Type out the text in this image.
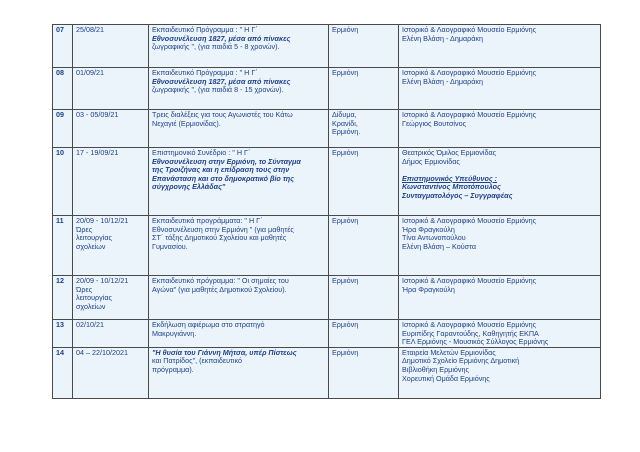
07	25/08/21	Εκπαιδευτικό Πρόγραμμα : " Η Γ΄
Εθνοσυνέλευση 1827, μέσα από πίνακες
ζωγραφικής ", (για παιδιά 5 - 8 χρονών).	Ερμιόνη	Ιστορικό & Λαογραφικό Μουσείο Ερμιόνης
Ελένη Βλάση - Δημαράκη

08	01/09/21	Εκπαιδευτικό Πρόγραμμα : " Η Γ΄
Εθνοσυνέλευση 1827, μέσα από πίνακες
ζωγραφικής ", (για παιδιά 8 - 15 χρονών).	Ερμιόνη	Ιστορικό & Λαογραφικό Μουσείο Ερμιόνης
Ελένη Βλάση - Δημαράκη

09	03 - 05/09/21	Τρεις διαλέξεις για τους Αγωνιστές του Κάτω
Νεχαγιέ (Ερμιονίδας).	Δίδυμα,
Κρανίδι,
Ερμιόνη.	Ιστορικό & Λαογραφικό Μουσείο Ερμιόνης
Γεώργιος Βουτσίνος

10	17 - 19/09/21	Επιστημονικό Συνέδριο : " Η Γ΄
Εθνοσυνέλευση στην Ερμιόνη, το Σύνταγμα
της Τροιζήνας και η επίδραση τους στην
Επανάσταση και στο δημοκρατικό βίο της
σύγχρονης Ελλάδας"	Ερμιόνη	Θεατρικός Όμιλος Ερμιονίδας
Δήμος Ερμιονίδας

Επιστημονικός Υπεύθυνος :
Κωνσταντίνος Μποτόπουλος
Συνταγματολόγος – Συγγραφέας

11	20/09 - 10/12/21
Ώρες
λειτουργίας
σχολείων	Εκπαιδευτικά προγράμματα: " Η Γ΄
Εθνοσυνέλευση στην Ερμιόνη " (για μαθητές
ΣΤ΄ τάξης Δημοτικού Σχολείου και μαθητές
Γυμνασίου.	Ερμιόνη	Ιστορικό & Λαογραφικό Μουσείο Ερμιόνης
Ήρα Φραγκούλη
Τίνα Αντωνοπούλου
Ελένη Βλάση – Κούστα

12	20/09 - 10/12/21
Ώρες
λειτουργίας
σχολείων	Εκπαιδευτικό πρόγραμμα: " Οι σημαίες του
Αγώνα" (για μαθητές Δημοτικού Σχολείου).	Ερμιόνη	Ιστορικό & Λαογραφικό Μουσείο Ερμιόνης
Ήρα Φραγκούλη

13	02/10/21	Εκδήλωση αφιέρωμα στο στρατηγό
Μακρυγιάννη.	Ερμιόνη	Ιστορικό & Λαογραφικό Μουσείο Ερμιόνης
Ευριπίδης Γαραντούδης, Καθηγητής ΕΚΠΑ
ΓΕΛ Ερμιόνης - Μουσικός Σύλλογος Ερμιόνης

14	04 – 22/10/2021	"Η θυσία του Γιάννη Μήτσα, υπέρ Πίστεως
και Πατρίδος", (εκπαιδευτικό
πρόγραμμα).	Ερμιόνη	Εταιρεία Μελετών Ερμιονίδας
Δημοτικό Σχολείο Ερμιόνης Δημοτική
Βιβλιοθήκη Ερμιόνης
Χορευτική Ομάδα Ερμιόνης
